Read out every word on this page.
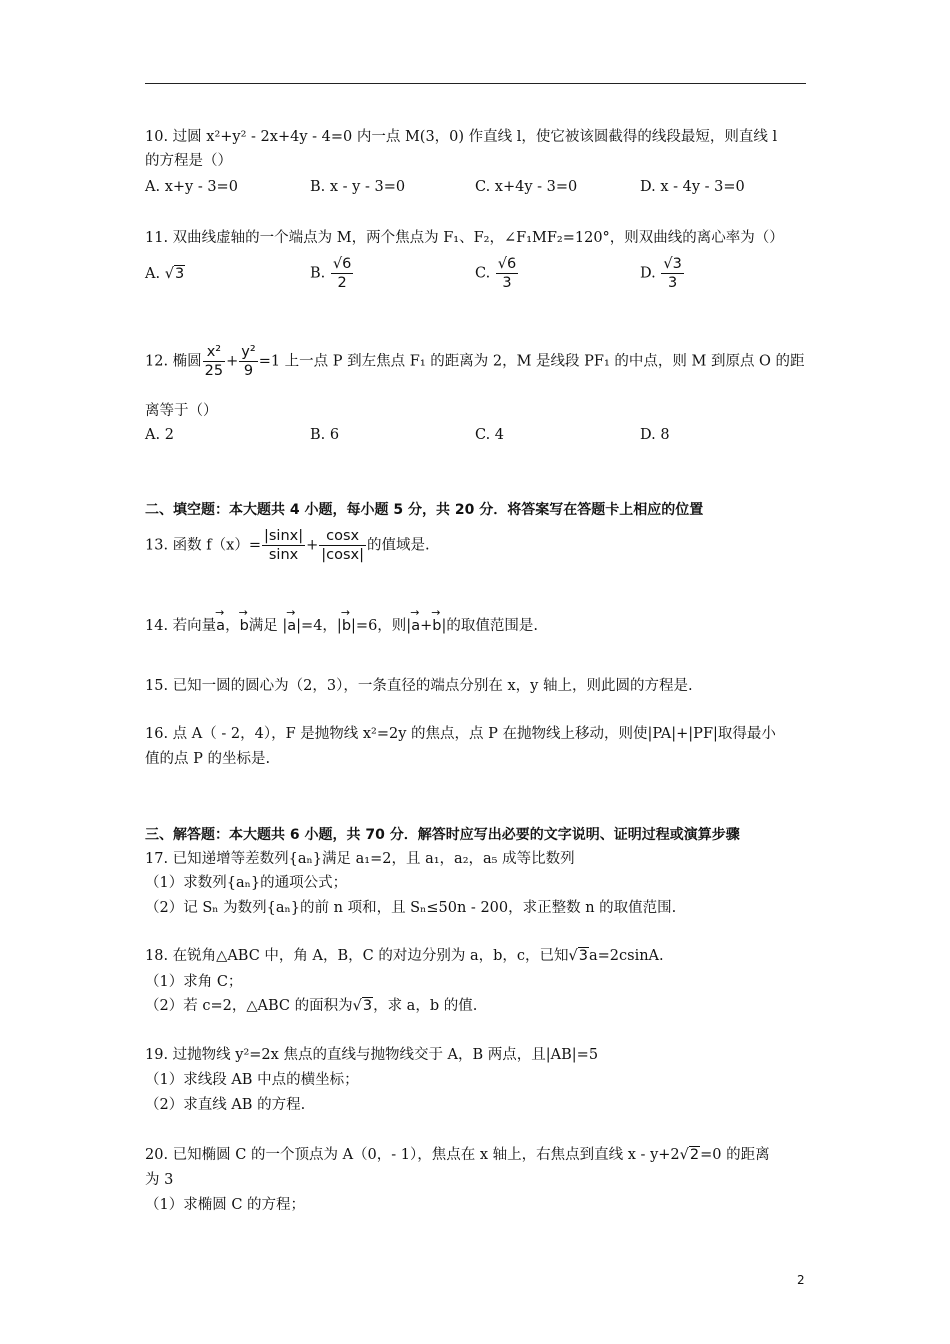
10. 过圆 x²+y² - 2x+4y - 4=0 内一点 M(3，0) 作直线 l，使它被该圆截得的线段最短，则直线 l
的方程是（）
A. x+y - 3=0	B. x - y - 3=0	C. x+4y - 3=0	D. x - 4y - 3=0
11. 双曲线虚轴的一个端点为 M，两个焦点为 F₁、F₂，∠F₁MF₂=120°，则双曲线的离心率为（）
A. √3	B. $\frac{√6}{2}$	C. $\frac{√6}{3}$	D. $\frac{√3}{3}$
12. 椭圆 $\frac{\text{x²}}{25} + \frac{\text{y²}}{9} =1$ 上一点 P 到左焦点 F₁ 的距离为 2，M 是线段 PF₁ 的中点，则 M 到原点 O 的距
离等于（）
A. 2	B. 6	C. 4	D. 8
二、填空题：本大题共 4 小题，每小题 5 分，共 20 分．将答案写在答题卡上相应的位置
13. 函数 $f(x)= \frac{|\sin x|}{\sin x} + \frac{\cos x}{|\cos x|}$ 的值域是.
14. 若向量→ a，→ b满足 |→ a|=4，|→ b|=6，则|→ a+→ b|的取值范围是.
15. 已知一圆的圆心为（2，3），一条直径的端点分别在 x，y 轴上，则此圆的方程是.
16. 点 A（ - 2，4），F 是抛物线 x²=2y 的焦点，点 P 在抛物线上移动，则使|PA|+|PF|取得最小
值的点 P 的坐标是.
三、解答题：本大题共 6 小题，共 70 分．解答时应写出必要的文字说明、证明过程或演算步骤
17. 已知递增等差数列{aₙ}满足 a₁=2，且 a₁，a₂，a₅ 成等比数列
（1）求数列{aₙ}的通项公式；
（2）记 Sₙ 为数列{aₙ}的前 n 项和，且 Sₙ≤50n - 200，求正整数 n 的取值范围.
18. 在锐角△ABC 中，角 A，B，C 的对边分别为 a，b，c，已知√3a=2csinA.
（1）求角 C；
（2）若 c=2，△ABC 的面积为√3，求 a，b 的值.
19. 过抛物线 y²=2x 焦点的直线与抛物线交于 A，B 两点，且|AB|=5
（1）求线段 AB 中点的横坐标；
（2）求直线 AB 的方程.
20. 已知椭圆 C 的一个顶点为 A（0，- 1），焦点在 x 轴上，右焦点到直线 x - y+2√2=0 的距离
为 3
（1）求椭圆 C 的方程；
2
